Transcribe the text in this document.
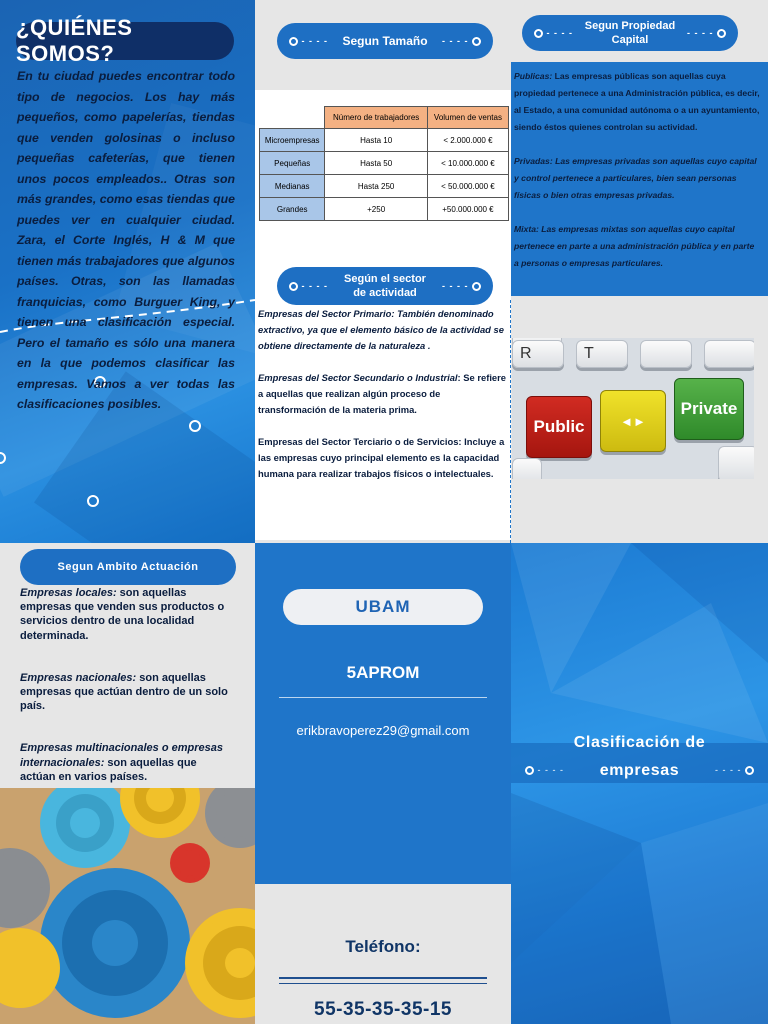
¿QUIÉNES SOMOS?
En tu ciudad puedes encontrar todo tipo de negocios. Los hay más pequeños, como papelerías, tiendas que venden golosinas o incluso pequeñas cafeterías, que tienen unos pocos empleados.. Otras son más grandes, como esas tiendas que puedes ver en cualquier ciudad. Zara, el Corte Inglés, H & M que tienen más trabajadores que algunos países. Otras, son las llamadas franquicias, como Burguer King, y tienen una clasificación especial. Pero el tamaño es sólo una manera en la que podemos clasificar las empresas. Vamos a ver todas las clasificaciones posibles.
- - - - Segun Tamaño - - - -
	Número de trabajadores	Volumen de ventas
Microempresas	Hasta 10	< 2.000.000 €
Pequeñas	Hasta 50	< 10.000.000 €
Medianas	Hasta 250	< 50.000.000 €
Grandes	+250	+50.000.000 €
- - - -
Según el sector
de actividad
- - - -

Empresas del Sector Primario: También denominado extractivo, ya que el elemento básico de la actividad se obtiene directamente de la naturaleza .

Empresas del Sector Secundario o Industrial: Se refiere a aquellas que realizan algún proceso de transformación de la materia prima.

Empresas del Sector Terciario o de Servicios: Incluye a las empresas cuyo principal elemento es la capacidad humana para realizar trabajos físicos o intelectuales.

- - - -
Segun Propiedad
Capital
- - - -

Publicas: Las empresas públicas son aquellas cuya propiedad pertenece a una Administración pública, es decir, al Estado, a una comunidad autónoma o a un ayuntamiento, siendo éstos quienes controlan su actividad.

Privadas: Las empresas privadas son aquellas cuyo capital y control pertenece a particulares, bien sean personas físicas o bien otras empresas privadas.

Mixta: Las empresas mixtas son aquellas cuyo capital pertenece en parte a una administración pública y en parte a personas o empresas particulares.

R	T
Public	◄►
Private
Segun Ambito Actuación

Empresas locales: son aquellas empresas que venden sus productos o servicios dentro de una localidad determinada.

Empresas nacionales: son aquellas empresas que actúan dentro de un solo país.

Empresas multinacionales o empresas internacionales: son aquellas que actúan en varios países.

UBAM
5APROM
erikbravoperez29@gmail.com
Teléfono:
55-35-35-35-15
- - - -	- - - -
Clasificación de
empresas
